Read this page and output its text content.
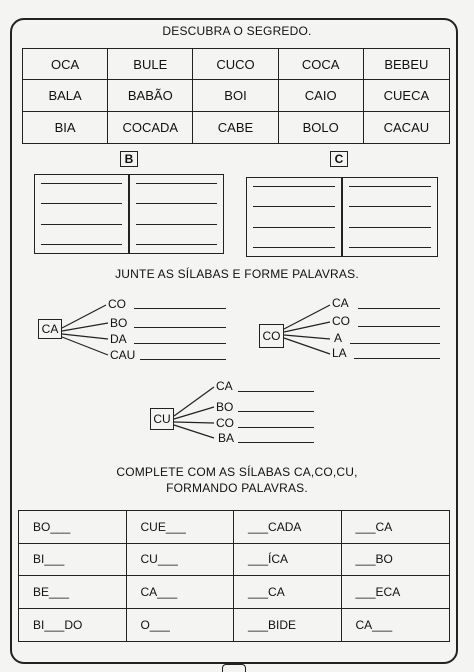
DESCUBRA O SEGREDO.
OCA	BULE	CUCO	COCA	BEBEU
BALA	BABÃO	BOI	CAIO	CUECA
BIA	COCADA	CABE	BOLO	CACAU
B	C
JUNTE AS SÍLABAS E FORME PALAVRAS.
CA
CO
BO
DA
CAU
CO
CA
CO
A
LA
CU
CA
BO
CO
BA
COMPLETE COM AS SÍLABAS CA,CO,CU,
FORMANDO PALAVRAS.
BO___	CUE___	___CADA	___CA
BI___	CU___	___ÍCA	___BO
BE___	CA___	___CA	___ECA
BI___DO	O___	___BIDE	CA___
